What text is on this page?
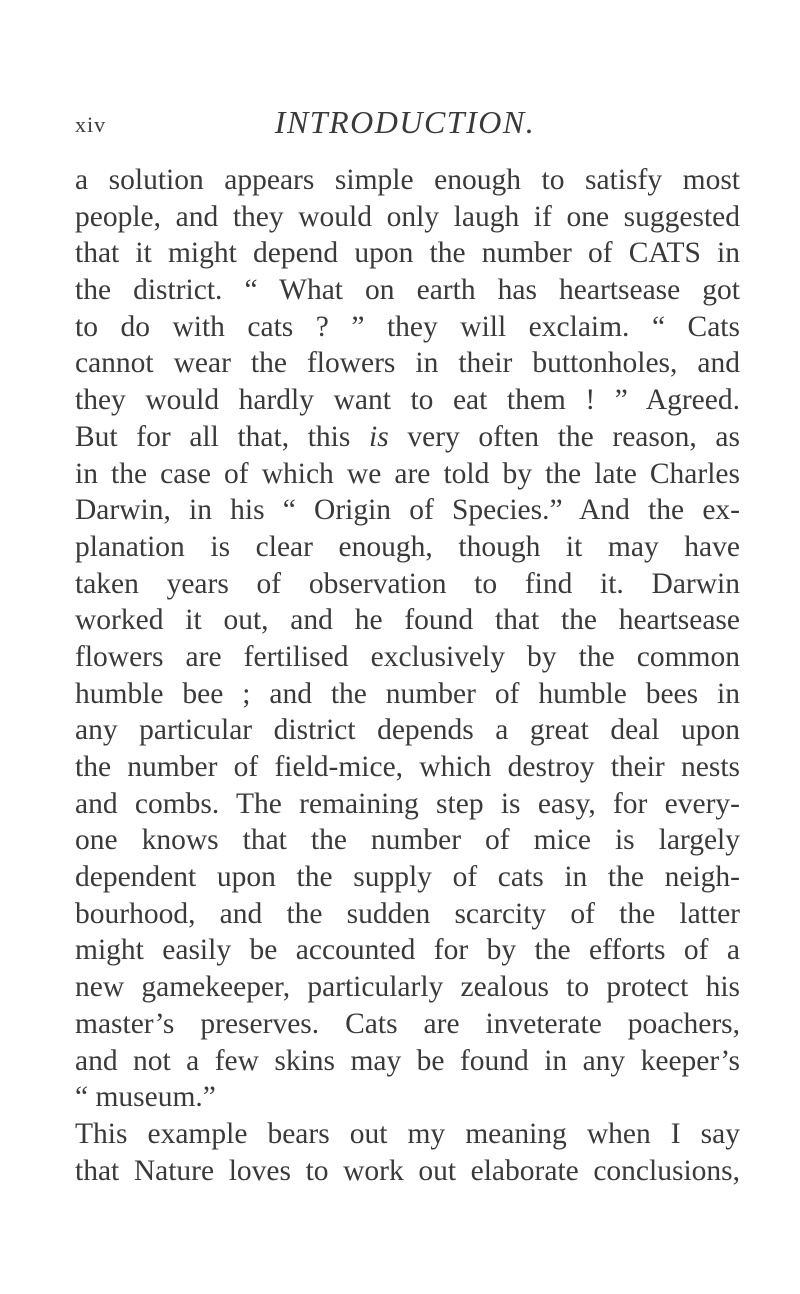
xiv	INTRODUCTION.
a solution appears simple enough to satisfy most
people, and they would only laugh if one suggested
that it might depend upon the number of CATS in
the district. “ What on earth has heartsease got
to do with cats ? ” they will exclaim. “ Cats
cannot wear the flowers in their buttonholes, and
they would hardly want to eat them ! ” Agreed.
But for all that, this is very often the reason, as
in the case of which we are told by the late Charles
Darwin, in his “ Origin of Species.” And the ex-
planation is clear enough, though it may have
taken years of observation to find it. Darwin
worked it out, and he found that the heartsease
flowers are fertilised exclusively by the common
humble bee ; and the number of humble bees in
any particular district depends a great deal upon
the number of field-mice, which destroy their nests
and combs. The remaining step is easy, for every-
one knows that the number of mice is largely
dependent upon the supply of cats in the neigh-
bourhood, and the sudden scarcity of the latter
might easily be accounted for by the efforts of a
new gamekeeper, particularly zealous to protect his
master’s preserves. Cats are inveterate poachers,
and not a few skins may be found in any keeper’s
“ museum.”
This example bears out my meaning when I say
that Nature loves to work out elaborate conclusions,
